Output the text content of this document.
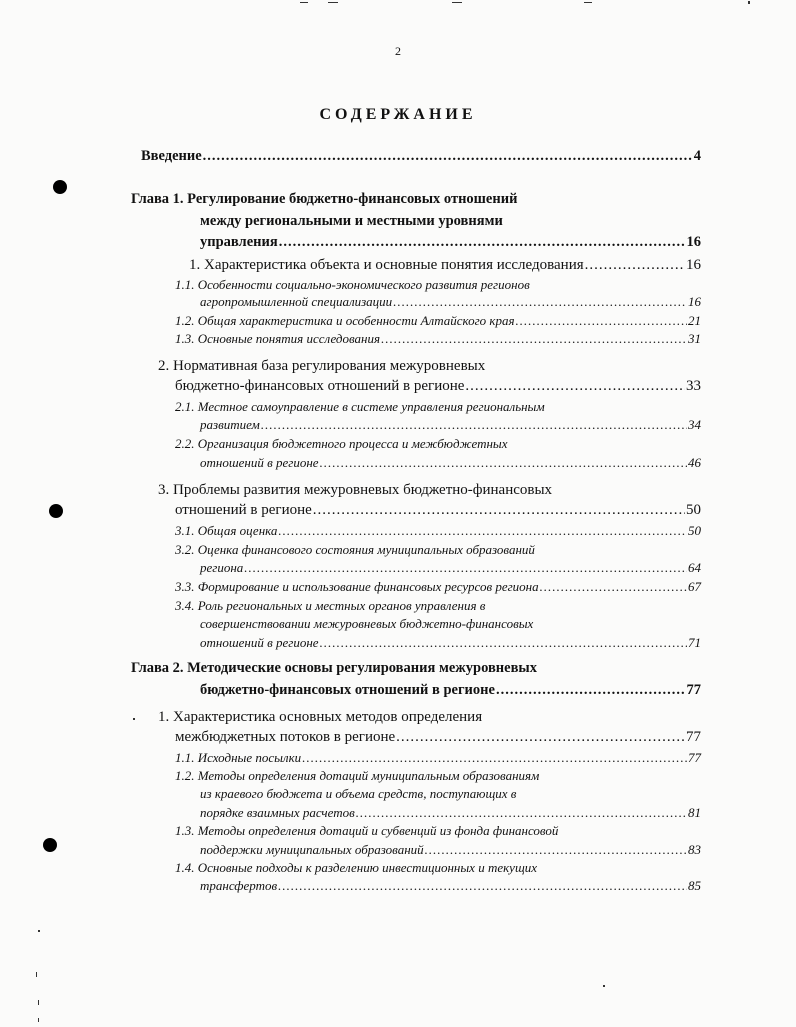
2
СОДЕРЖАНИЕ
Введение .....	4
Глава 1. Регулирование бюджетно-финансовых отношений
между региональными и местными уровнями
управления .....	16
1. Характеристика объекта и основные понятия исследования .....	16
1.1. Особенности социально-экономического развития регионов
агропромышленной специализации .....	16
1.2. Общая характеристика и особенности Алтайского края .....	21
1.3. Основные понятия исследования .....	31
2. Нормативная база регулирования межуровневых
бюджетно-финансовых отношений в регионе .....	33
2.1. Местное самоуправление в системе управления региональным
развитием .....	34
2.2. Организация бюджетного процесса и межбюджетных
отношений в регионе .....	46
3. Проблемы развития межуровневых бюджетно-финансовых
отношений в регионе .....	50
3.1. Общая оценка .....	50
3.2. Оценка финансового состояния муниципальных образований
региона .....	64
3.3. Формирование и использование финансовых ресурсов региона .....	67
3.4. Роль региональных и местных органов управления в
совершенствовании межуровневых бюджетно-финансовых
отношений в регионе .....	71
Глава 2. Методические основы регулирования межуровневых
бюджетно-финансовых отношений в регионе .....	77
1. Характеристика основных методов определения
межбюджетных потоков в регионе .....	77
1.1. Исходные посылки .....	77
1.2. Методы определения дотаций муниципальным образованиям
из краевого бюджета и объема средств, поступающих в
порядке взаимных расчетов .....	81
1.3. Методы определения дотаций и субвенций из фонда финансовой
поддержки муниципальных образований .....	83
1.4. Основные подходы к разделению инвестиционных и текущих
трансфертов .....	85
